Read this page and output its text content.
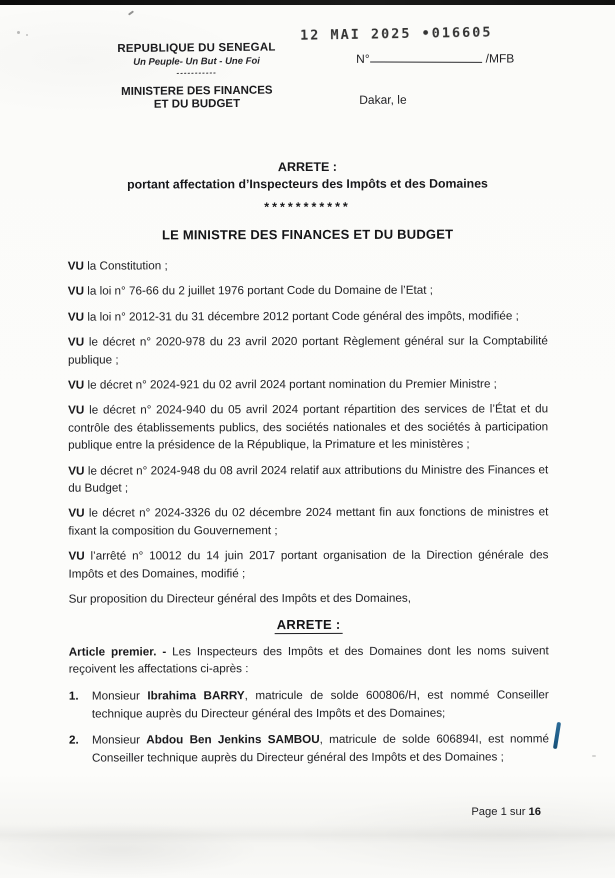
REPUBLIQUE DU SENEGAL
Un Peuple- Un But - Une Foi
-----------
MINISTERE DES FINANCES
ET DU BUDGET
12 MAI 2025 •016605
N°	/MFB
Dakar, le
ARRETE :
portant affectation d’Inspecteurs des Impôts et des Domaines
***********
LE MINISTRE DES FINANCES ET DU BUDGET

VU la Constitution ;

VU la loi n° 76-66 du 2 juillet 1976 portant Code du Domaine de l’Etat ;

VU la loi n° 2012-31 du 31 décembre 2012 portant Code général des impôts, modifiée ;

VU le décret n° 2020-978 du 23 avril 2020 portant Règlement général sur la Comptabilité publique ;

VU le décret n° 2024-921 du 02 avril 2024 portant nomination du Premier Ministre ;

VU le décret n° 2024-940 du 05 avril 2024 portant répartition des services de l’État et du contrôle des établissements publics, des sociétés nationales et des sociétés à participation publique entre la présidence de la République, la Primature et les ministères ;

VU le décret n° 2024-948 du 08 avril 2024 relatif aux attributions du Ministre des Finances et du Budget ;

VU le décret n° 2024-3326 du 02 décembre 2024 mettant fin aux fonctions de ministres et fixant la composition du Gouvernement ;

VU l’arrêté n° 10012 du 14 juin 2017 portant organisation de la Direction générale des Impôts et des Domaines, modifié ;

Sur proposition du Directeur général des Impôts et des Domaines,

ARRETE :

Article premier. - Les Inspecteurs des Impôts et des Domaines dont les noms suivent reçoivent les affectations ci-après :

1.	Monsieur Ibrahima BARRY, matricule de solde 600806/H, est nommé Conseiller technique auprès du Directeur général des Impôts et des Domaines;
2.	Monsieur Abdou Ben Jenkins SAMBOU, matricule de solde 606894I, est nommé Conseiller technique auprès du Directeur général des Impôts et des Domaines ;
Page 1 sur 16
